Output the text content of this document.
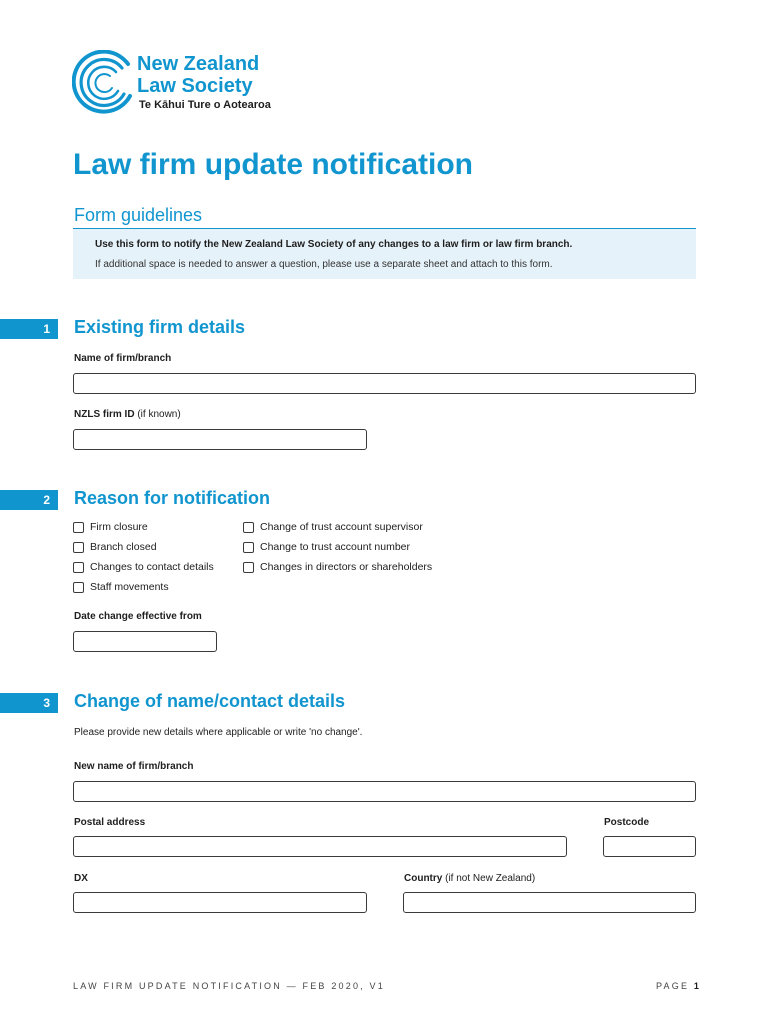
New Zealand
Law Society
Te Kāhui Ture o Aotearoa
Law firm update notification
Form guidelines
Use this form to notify the New Zealand Law Society of any changes to a law firm or law firm branch.
If additional space is needed to answer a question, please use a separate sheet and attach to this form.
1	Existing firm details
Name of firm/branch
NZLS firm ID (if known)
2	Reason for notification
Firm closure
Branch closed
Changes to contact details
Staff movements
Change of trust account supervisor
Change to trust account number
Changes in directors or shareholders
Date change effective from
3	Change of name/contact details
Please provide new details where applicable or write 'no change'.
New name of firm/branch
Postal address	Postcode
DX	Country (if not New Zealand)
LAW FIRM UPDATE NOTIFICATION — FEB 2020, V1	PAGE 1
